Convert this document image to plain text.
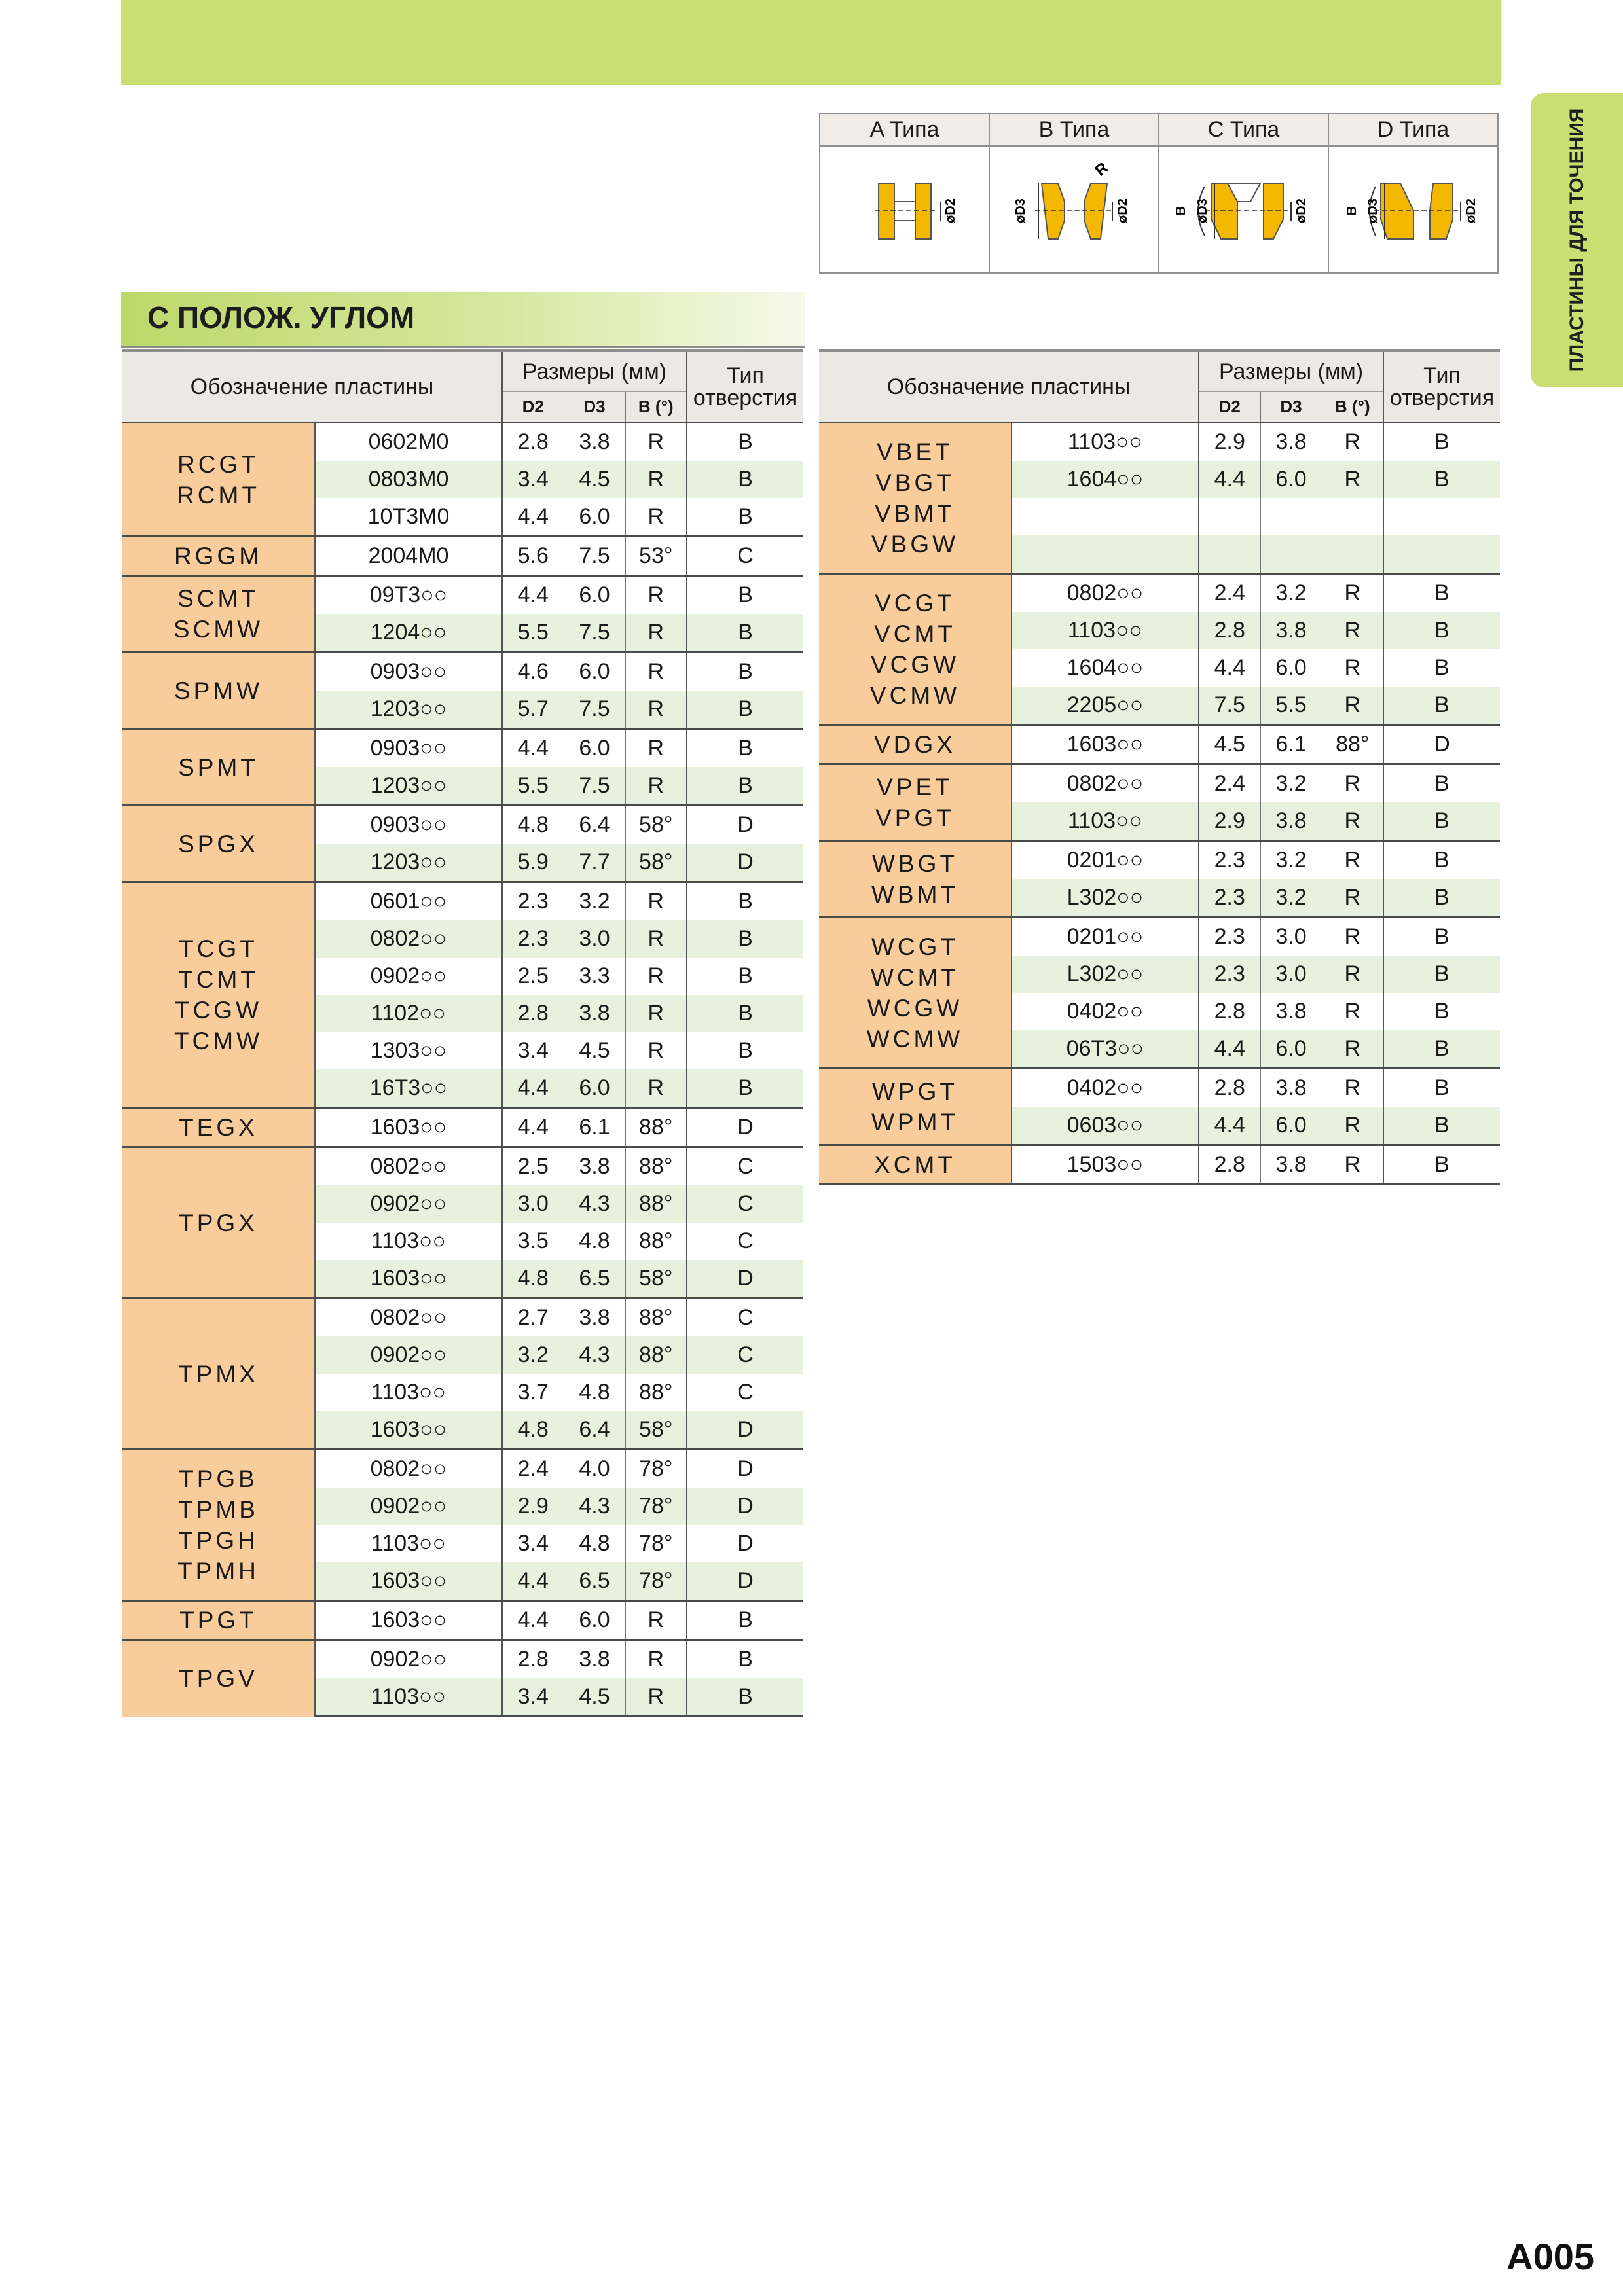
ПЛАСТИНЫ ДЛЯ ТОЧЕНИЯ
A Типа	B Типа	C Типа	D Типа

øD2	øD3 øD2
R	B øD3 øD2	B øD3 øD2
С ПОЛОЖ. УГЛОМ
Обозначение пластины		Размеры (мм)			Тип
отверстия

		D2	D3	B (°)	

RCGT
RCMT	0602M0	2.8	3.8	R	B
	0803M0	3.4	4.5	R	B
	10T3M0	4.4	6.0	R	B

RGGM	2004M0	5.6	7.5	53°	C

SCMT
SCMW	09T3○○	4.4	6.0	R	B
	1204○○	5.5	7.5	R	B

SPMW	0903○○	4.6	6.0	R	B
	1203○○	5.7	7.5	R	B

SPMT	0903○○	4.4	6.0	R	B
	1203○○	5.5	7.5	R	B

SPGX	0903○○	4.8	6.4	58°	D
	1203○○	5.9	7.7	58°	D

TCGT
TCMT
TCGW
TCMW	0601○○	2.3	3.2	R	B
	0802○○	2.3	3.0	R	B
	0902○○	2.5	3.3	R	B
	1102○○	2.8	3.8	R	B
	1303○○	3.4	4.5	R	B
	16T3○○	4.4	6.0	R	B

TEGX	1603○○	4.4	6.1	88°	D

TPGX	0802○○	2.5	3.8	88°	C
	0902○○	3.0	4.3	88°	C
	1103○○	3.5	4.8	88°	C
	1603○○	4.8	6.5	58°	D

TPMX	0802○○	2.7	3.8	88°	C
	0902○○	3.2	4.3	88°	C
	1103○○	3.7	4.8	88°	C
	1603○○	4.8	6.4	58°	D

TPGB
TPMB
TPGH
TPMH	0802○○	2.4	4.0	78°	D
	0902○○	2.9	4.3	78°	D
	1103○○	3.4	4.8	78°	D
	1603○○	4.4	6.5	78°	D

TPGT	1603○○	4.4	6.0	R	B

TPGV	0902○○	2.8	3.8	R	B
	1103○○	3.4	4.5	R	B
Обозначение пластины		Размеры (мм)			Тип
отверстия

		D2	D3	B (°)	

VBET
VBGT
VBMT
VBGW	1103○○	2.9	3.8	R	B
	1604○○	4.4	6.0	R	B

VCGT
VCMT
VCGW
VCMW	0802○○	2.4	3.2	R	B
	1103○○	2.8	3.8	R	B
	1604○○	4.4	6.0	R	B
	2205○○	7.5	5.5	R	B

VDGX	1603○○	4.5	6.1	88°	D

VPET
VPGT	0802○○	2.4	3.2	R	B
	1103○○	2.9	3.8	R	B

WBGT
WBMT	0201○○	2.3	3.2	R	B
	L302○○	2.3	3.2	R	B

WCGT
WCMT
WCGW
WCMW	0201○○	2.3	3.0	R	B
	L302○○	2.3	3.0	R	B
	0402○○	2.8	3.8	R	B
	06T3○○	4.4	6.0	R	B

WPGT
WPMT	0402○○	2.8	3.8	R	B
	0603○○	4.4	6.0	R	B

XCMT	1503○○	2.8	3.8	R	B
A005
